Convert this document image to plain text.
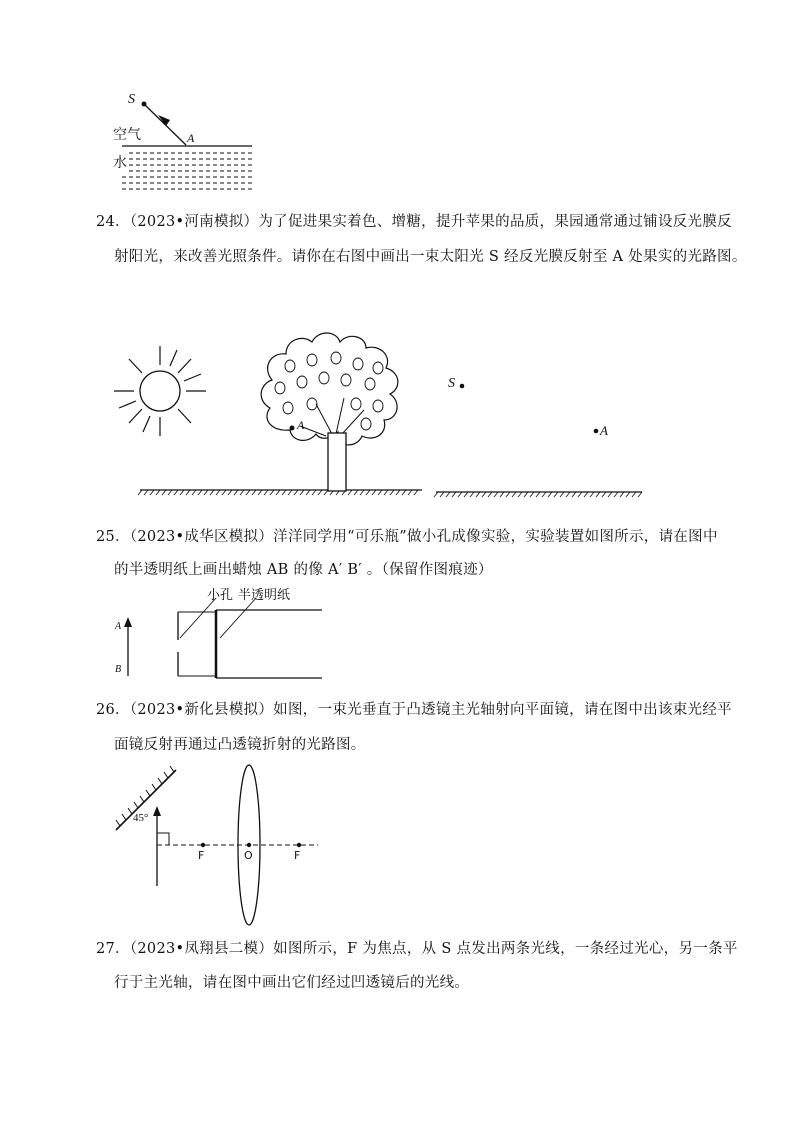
S
A
空气
水
24．（2023•河南模拟）为了促进果实着色、增糖，提升苹果的品质，果园通常通过铺设反光膜反
射阳光，来改善光照条件。请你在右图中画出一束太阳光 S 经反光膜反射至 A 处果实的光路图。
A
S
A
25．（2023•成华区模拟）洋洋同学用“可乐瓶”做小孔成像实验，实验装置如图所示，请在图中
的半透明纸上画出蜡烛 AB 的像 A′ B′ 。（保留作图痕迹）
小孔 半透明纸
A
B
26．（2023•新化县模拟）如图，一束光垂直于凸透镜主光轴射向平面镜，请在图中出该束光经平
面镜反射再通过凸透镜折射的光路图。
45°
F	O	F
27．（2023•凤翔县二模）如图所示，F 为焦点，从 S 点发出两条光线，一条经过光心，另一条平
行于主光轴，请在图中画出它们经过凹透镜后的光线。
